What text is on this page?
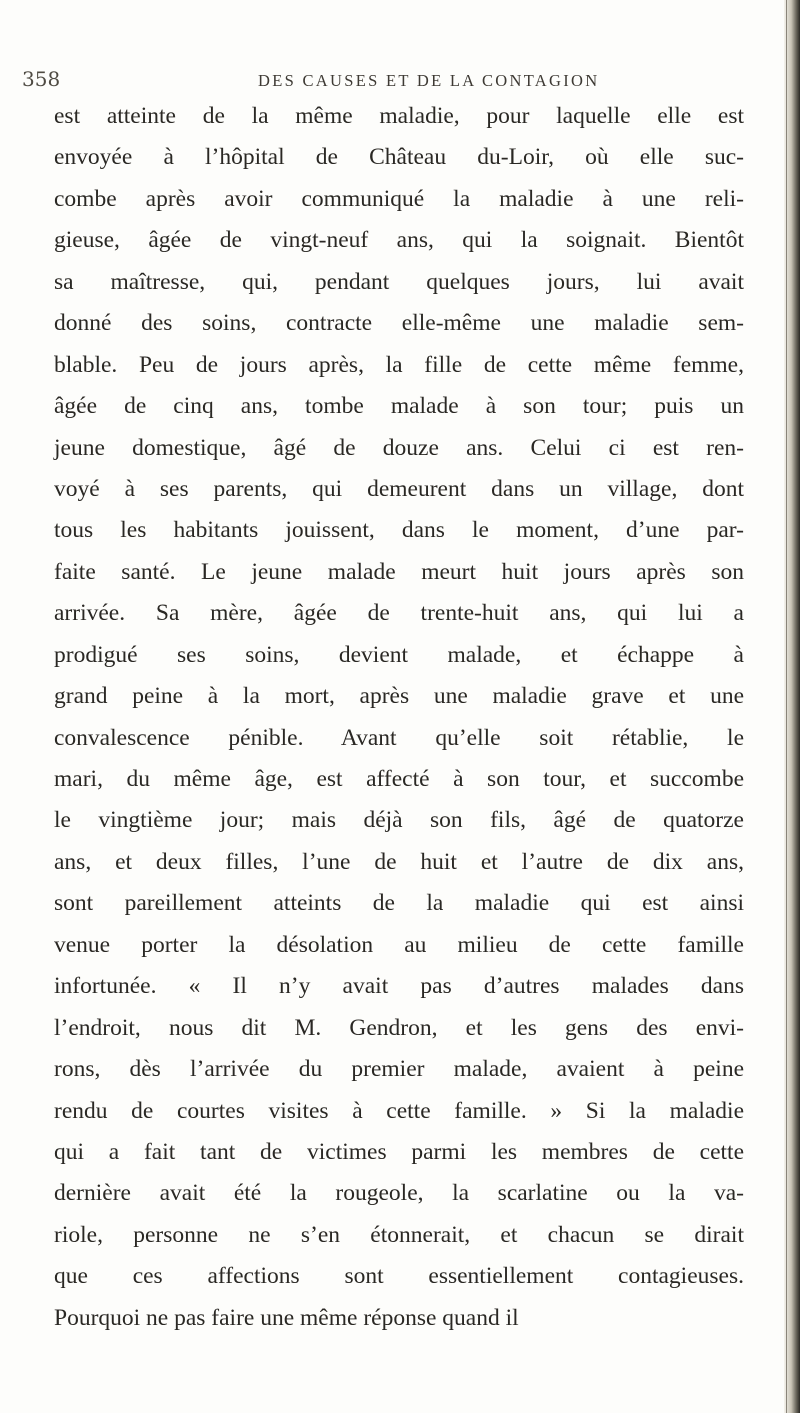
358	DES CAUSES ET DE LA CONTAGION
est atteinte de la même maladie, pour laquelle elle est
envoyée à l’hôpital de Château du-Loir, où elle suc-
combe après avoir communiqué la maladie à une reli-
gieuse, âgée de vingt-neuf ans, qui la soignait. Bientôt
sa maîtresse, qui, pendant quelques jours, lui avait
donné des soins, contracte elle-même une maladie sem-
blable. Peu de jours après, la fille de cette même femme,
âgée de cinq ans, tombe malade à son tour; puis un
jeune domestique, âgé de douze ans. Celui ci est ren-
voyé à ses parents, qui demeurent dans un village, dont
tous les habitants jouissent, dans le moment, d’une par-
faite santé. Le jeune malade meurt huit jours après son
arrivée. Sa mère, âgée de trente-huit ans, qui lui a
prodigué ses soins, devient malade, et échappe à
grand peine à la mort, après une maladie grave et une
convalescence pénible. Avant qu’elle soit rétablie, le
mari, du même âge, est affecté à son tour, et succombe
le vingtième jour; mais déjà son fils, âgé de quatorze
ans, et deux filles, l’une de huit et l’autre de dix ans,
sont pareillement atteints de la maladie qui est ainsi
venue porter la désolation au milieu de cette famille
infortunée. « Il n’y avait pas d’autres malades dans
l’endroit, nous dit M. Gendron, et les gens des envi-
rons, dès l’arrivée du premier malade, avaient à peine
rendu de courtes visites à cette famille. » Si la maladie
qui a fait tant de victimes parmi les membres de cette
dernière avait été la rougeole, la scarlatine ou la va-
riole, personne ne s’en étonnerait, et chacun se dirait
que ces affections sont essentiellement contagieuses.
Pourquoi ne pas faire une même réponse quand il
